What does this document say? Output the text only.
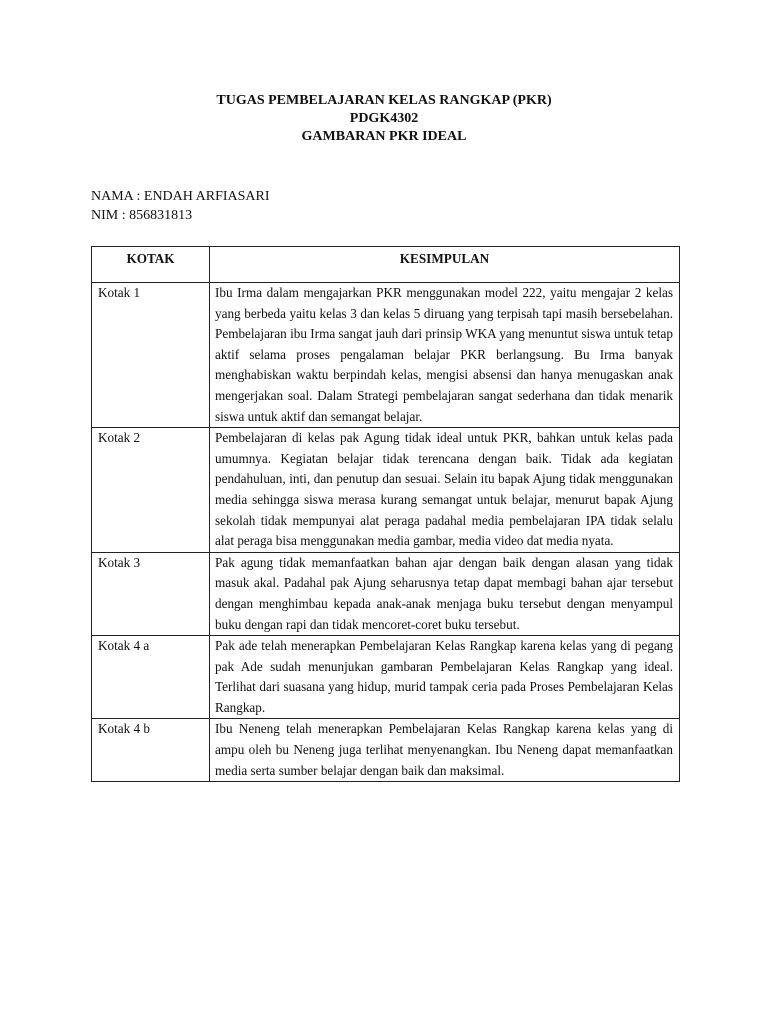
TUGAS PEMBELAJARAN KELAS RANGKAP (PKR)
PDGK4302
GAMBARAN PKR IDEAL
NAMA : ENDAH ARFIASARI
NIM : 856831813
KOTAK	KESIMPULAN
Kotak 1	Ibu Irma dalam mengajarkan PKR menggunakan model 222, yaitu mengajar 2 kelas yang berbeda yaitu kelas 3 dan kelas 5 diruang yang terpisah tapi masih bersebelahan. Pembelajaran ibu Irma sangat jauh dari prinsip WKA yang menuntut siswa untuk tetap aktif selama proses pengalaman belajar PKR berlangsung. Bu Irma banyak menghabiskan waktu berpindah kelas, mengisi absensi dan hanya menugaskan anak mengerjakan soal. Dalam Strategi pembelajaran sangat sederhana dan tidak menarik siswa untuk aktif dan semangat belajar.
Kotak 2	Pembelajaran di kelas pak Agung tidak ideal untuk PKR, bahkan untuk kelas pada umumnya. Kegiatan belajar tidak terencana dengan baik. Tidak ada kegiatan pendahuluan, inti, dan penutup dan sesuai. Selain itu bapak Ajung tidak menggunakan media sehingga siswa merasa kurang semangat untuk belajar, menurut bapak Ajung sekolah tidak mempunyai alat peraga padahal media pembelajaran IPA tidak selalu alat peraga bisa menggunakan media gambar, media video dat media nyata.
Kotak 3	Pak agung tidak memanfaatkan bahan ajar dengan baik dengan alasan yang tidak masuk akal. Padahal pak Ajung seharusnya tetap dapat membagi bahan ajar tersebut dengan menghimbau kepada anak-anak menjaga buku tersebut dengan menyampul buku dengan rapi dan tidak mencoret-coret buku tersebut.
Kotak 4 a	Pak ade telah menerapkan Pembelajaran Kelas Rangkap karena kelas yang di pegang pak Ade sudah menunjukan gambaran Pembelajaran Kelas Rangkap yang ideal. Terlihat dari suasana yang hidup, murid tampak ceria pada Proses Pembelajaran Kelas Rangkap.
Kotak 4 b	Ibu Neneng telah menerapkan Pembelajaran Kelas Rangkap karena kelas yang di ampu oleh bu Neneng juga terlihat menyenangkan. Ibu Neneng dapat memanfaatkan media serta sumber belajar dengan baik dan maksimal.
